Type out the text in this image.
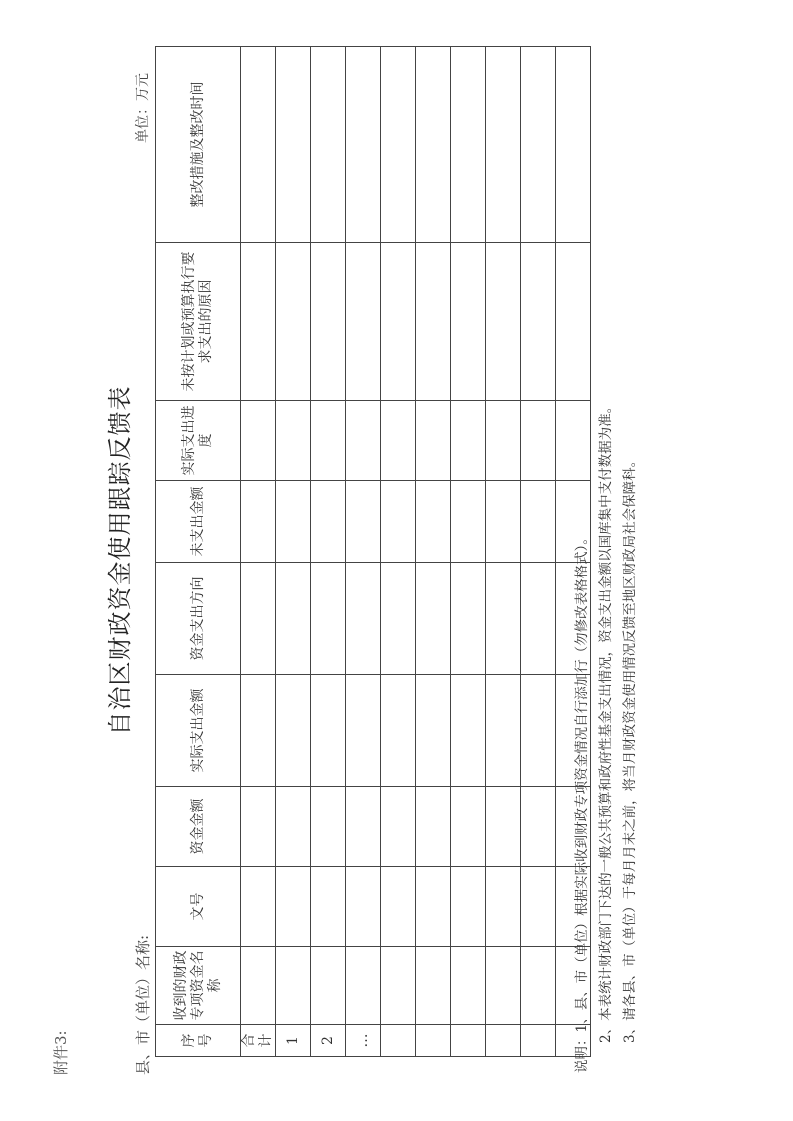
附件3:
自治区财政资金使用跟踪反馈表
县、市（单位）名称:
单位：万元
序号	收到的财政专项资金名称	文号	资金金额	实际支出金额	资金支出方向	未支出金额	实际支出进度	未按计划或预算执行要求支出的原因	整改措施及整改时间
合计									
1									
2									
…									

										说明：1、县、市（单位）根据实际收到财政专项资金情况自行添加行（勿修改表格格式）。 2、本表统计财政部门下达的一般公共预算和政府性基金支出情况，资金支出金额以国库集中支付数据为准。 3、请各县、市（单位）于每月月末之前，将当月财政资金使用情况反馈至地区财政局社会保障科。
